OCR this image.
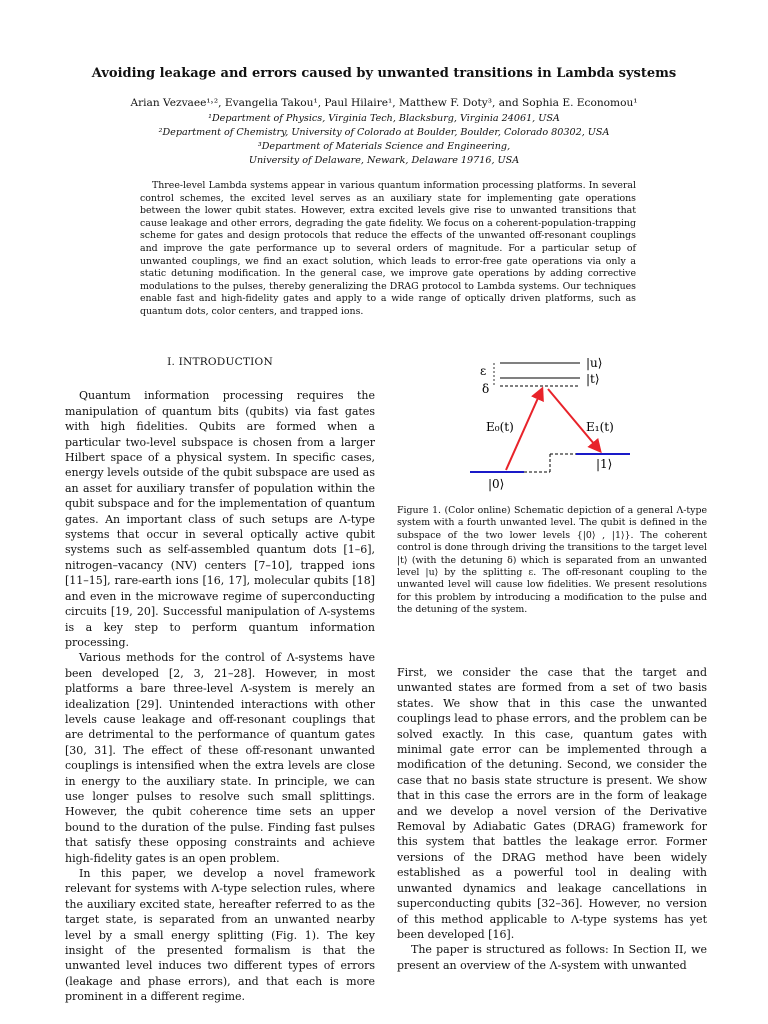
Avoiding leakage and errors caused by unwanted transitions in Lambda systems
Arian Vezvaee¹˒², Evangelia Takou¹, Paul Hilaire¹, Matthew F. Doty³, and Sophia E. Economou¹
¹Department of Physics, Virginia Tech, Blacksburg, Virginia 24061, USA
²Department of Chemistry, University of Colorado at Boulder, Boulder, Colorado 80302, USA
³Department of Materials Science and Engineering,
University of Delaware, Newark, Delaware 19716, USA
Three-level Lambda systems appear in various quantum information processing platforms. In several control schemes, the excited level serves as an auxiliary state for implementing gate operations between the lower qubit states. However, extra excited levels give rise to unwanted transitions that cause leakage and other errors, degrading the gate fidelity. We focus on a coherent-population-trapping scheme for gates and design protocols that reduce the effects of the unwanted off-resonant couplings and improve the gate performance up to several orders of magnitude. For a particular setup of unwanted couplings, we find an exact solution, which leads to error-free gate operations via only a static detuning modification. In the general case, we improve gate operations by adding corrective modulations to the pulses, thereby generalizing the DRAG protocol to Lambda systems. Our techniques enable fast and high-fidelity gates and apply to a wide range of optically driven platforms, such as quantum dots, color centers, and trapped ions.
I. INTRODUCTION

Quantum information processing requires the manipulation of quantum bits (qubits) via fast gates with high fidelities. Qubits are formed when a particular two-level subspace is chosen from a larger Hilbert space of a physical system. In specific cases, energy levels outside of the qubit subspace are used as an asset for auxiliary transfer of population within the qubit subspace and for the implementation of quantum gates. An important class of such setups are Λ-type systems that occur in several optically active qubit systems such as self-assembled quantum dots [1–6], nitrogen–vacancy (NV) centers [7–10], trapped ions [11–15], rare-earth ions [16, 17], molecular qubits [18] and even in the microwave regime of superconducting circuits [19, 20]. Successful manipulation of Λ-systems is a key step to perform quantum information processing.

Various methods for the control of Λ-systems have been developed [2, 3, 21–28]. However, in most platforms a bare three-level Λ-system is merely an idealization [29]. Unintended interactions with other levels cause leakage and off-resonant couplings that are detrimental to the performance of quantum gates [30, 31]. The effect of these off-resonant unwanted couplings is intensified when the extra levels are close in energy to the auxiliary state. In principle, we can use longer pulses to resolve such small splittings. However, the qubit coherence time sets an upper bound to the duration of the pulse. Finding fast pulses that satisfy these opposing constraints and achieve high-fidelity gates is an open problem.

In this paper, we develop a novel framework relevant for systems with Λ-type selection rules, where the auxiliary excited state, hereafter referred to as the target state, is separated from an unwanted nearby level by a small energy splitting (Fig. 1). The key insight of the presented formalism is that the unwanted level induces two different types of errors (leakage and phase errors), and that each is more prominent in a different regime.

|u⟩
|t⟩
ε
δ
E₀(t)	E₁(t)
|1⟩
|0⟩
Figure 1. (Color online) Schematic depiction of a general Λ-type system with a fourth unwanted level. The qubit is defined in the subspace of the two lower levels {|0⟩ , |1⟩}. The coherent control is done through driving the transitions to the target level |t⟩ (with the detuning δ) which is separated from an unwanted level |u⟩ by the splitting ε. The off-resonant coupling to the unwanted level will cause low fidelities. We present resolutions for this problem by introducing a modification to the pulse and the detuning of the system.

First, we consider the case that the target and unwanted states are formed from a set of two basis states. We show that in this case the unwanted couplings lead to phase errors, and the problem can be solved exactly. In this case, quantum gates with minimal gate error can be implemented through a modification of the detuning. Second, we consider the case that no basis state structure is present. We show that in this case the errors are in the form of leakage and we develop a novel version of the Derivative Removal by Adiabatic Gates (DRAG) framework for this system that battles the leakage error. Former versions of the DRAG method have been widely established as a powerful tool in dealing with unwanted dynamics and leakage cancellations in superconducting qubits [32–36]. However, no version of this method applicable to Λ-type systems has yet been developed [16].

The paper is structured as follows: In Section II, we present an overview of the Λ-system with unwanted
